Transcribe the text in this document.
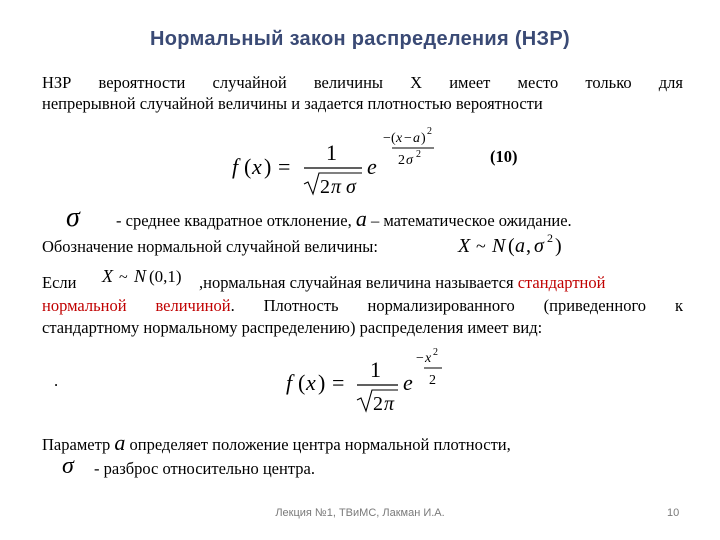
Нормальный закон распределения (НЗР)
НЗР вероятности случайной величины X имеет место только для
непрерывной случайной величины и задается плотностью вероятности
f ( x ) =
1
2 π σ
e
− ( x − a ) 2
2 σ 2	(10)
σ - среднее квадратное отклонение, a – математическое ожидание.
Обозначение нормальной случайной величины:	X ~ N ( a , σ 2 )
Если X ~ N (0,1) ,нормальная случайная величина называется стандартной
нормальной величиной. Плотность нормализированного (приведенного к
стандартному нормальному распределению) распределения имеет вид:
.	f ( x ) =
1
2 π
e
− x 2
2
Параметр a определяет положение центра нормальной плотности,
σ - разброс относительно центра.
Лекция №1, ТВиМС, Лакман И.А.	10
